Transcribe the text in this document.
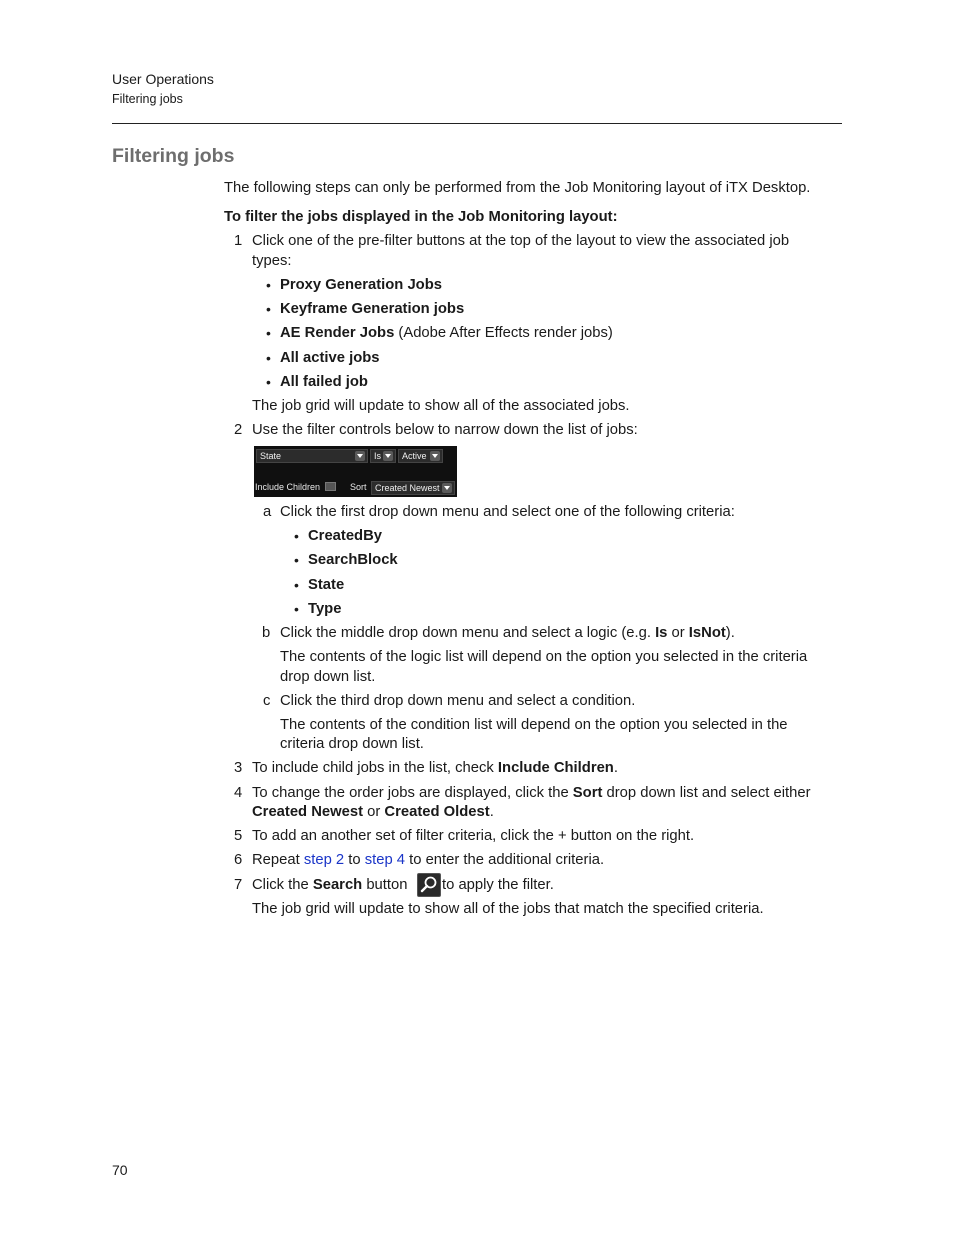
User Operations
Filtering jobs
Filtering jobs
The following steps can only be performed from the Job Monitoring layout of iTX Desktop.
To filter the jobs displayed in the Job Monitoring layout:
1 Click one of the pre-filter buttons at the top of the layout to view the associated job
types:
• Proxy Generation Jobs
• Keyframe Generation jobs
• AE Render Jobs (Adobe After Effects render jobs)
• All active jobs
• All failed job
The job grid will update to show all of the associated jobs.
2 Use the filter controls below to narrow down the list of jobs:
State	Is	Active
Include Children	Sort Created Newest
a Click the first drop down menu and select one of the following criteria:
• CreatedBy
• SearchBlock
• State
• Type
b Click the middle drop down menu and select a logic (e.g. Is or IsNot).
The contents of the logic list will depend on the option you selected in the criteria
drop down list.
c Click the third drop down menu and select a condition.
The contents of the condition list will depend on the option you selected in the
criteria drop down list.
3 To include child jobs in the list, check Include Children.
4 To change the order jobs are displayed, click the Sort drop down list and select either
Created Newest or Created Oldest.
5 To add an another set of filter criteria, click the + button on the right.
6 Repeat step 2 to step 4 to enter the additional criteria.
7 Click the Search button to apply the filter.
The job grid will update to show all of the jobs that match the specified criteria.
70
